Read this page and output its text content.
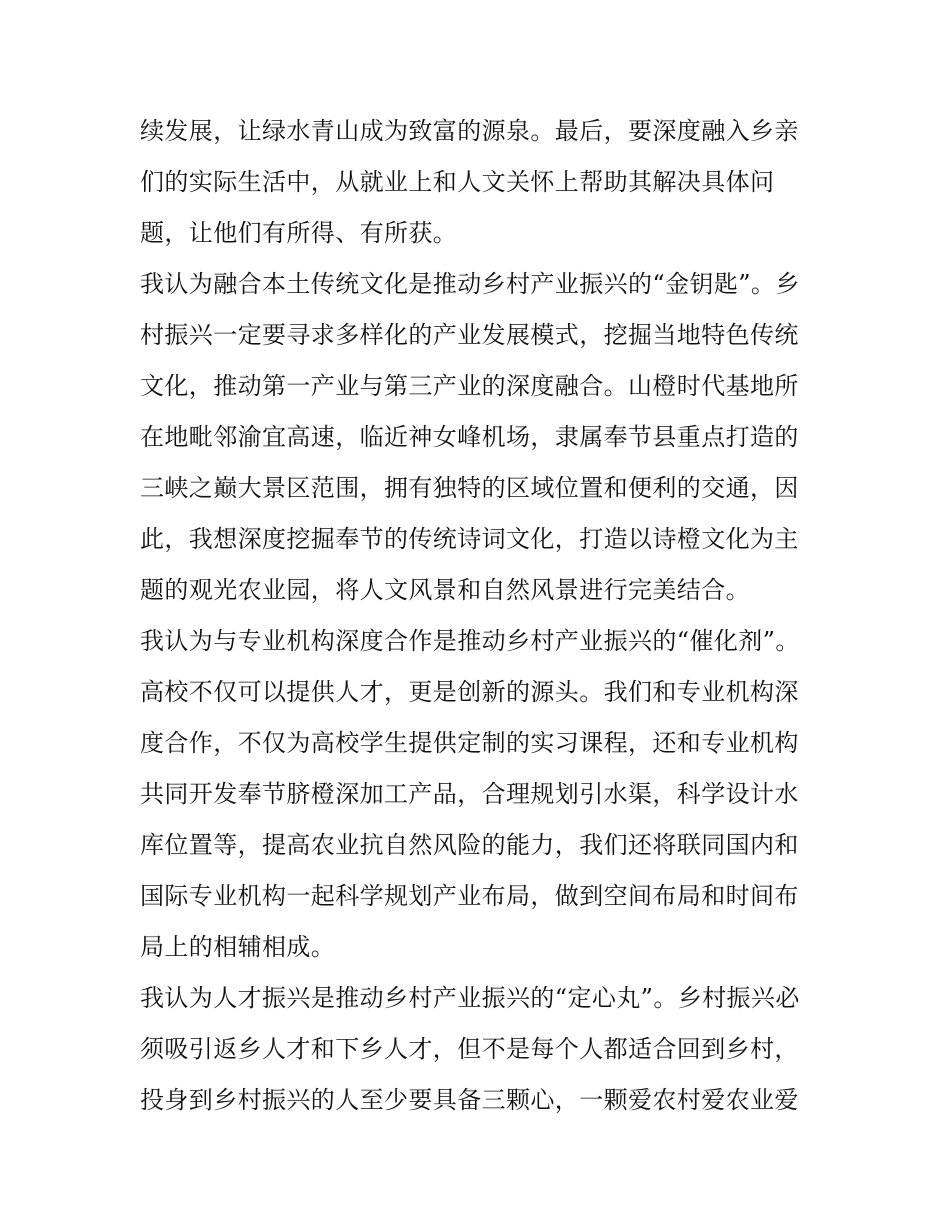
续发展，让绿水青山成为致富的源泉。最后，要深度融入乡亲
们的实际生活中，从就业上和人文关怀上帮助其解决具体问
题，让他们有所得、有所获。
我认为融合本土传统文化是推动乡村产业振兴的“金钥匙”。乡
村振兴一定要寻求多样化的产业发展模式，挖掘当地特色传统
文化，推动第一产业与第三产业的深度融合。山橙时代基地所
在地毗邻渝宜高速，临近神女峰机场，隶属奉节县重点打造的
三峡之巅大景区范围，拥有独特的区域位置和便利的交通，因
此，我想深度挖掘奉节的传统诗词文化，打造以诗橙文化为主
题的观光农业园，将人文风景和自然风景进行完美结合。
我认为与专业机构深度合作是推动乡村产业振兴的“催化剂”。
高校不仅可以提供人才，更是创新的源头。我们和专业机构深
度合作，不仅为高校学生提供定制的实习课程，还和专业机构
共同开发奉节脐橙深加工产品，合理规划引水渠，科学设计水
库位置等，提高农业抗自然风险的能力，我们还将联同国内和
国际专业机构一起科学规划产业布局，做到空间布局和时间布
局上的相辅相成。
我认为人才振兴是推动乡村产业振兴的“定心丸”。乡村振兴必
须吸引返乡人才和下乡人才，但不是每个人都适合回到乡村，
投身到乡村振兴的人至少要具备三颗心，一颗爱农村爱农业爱
